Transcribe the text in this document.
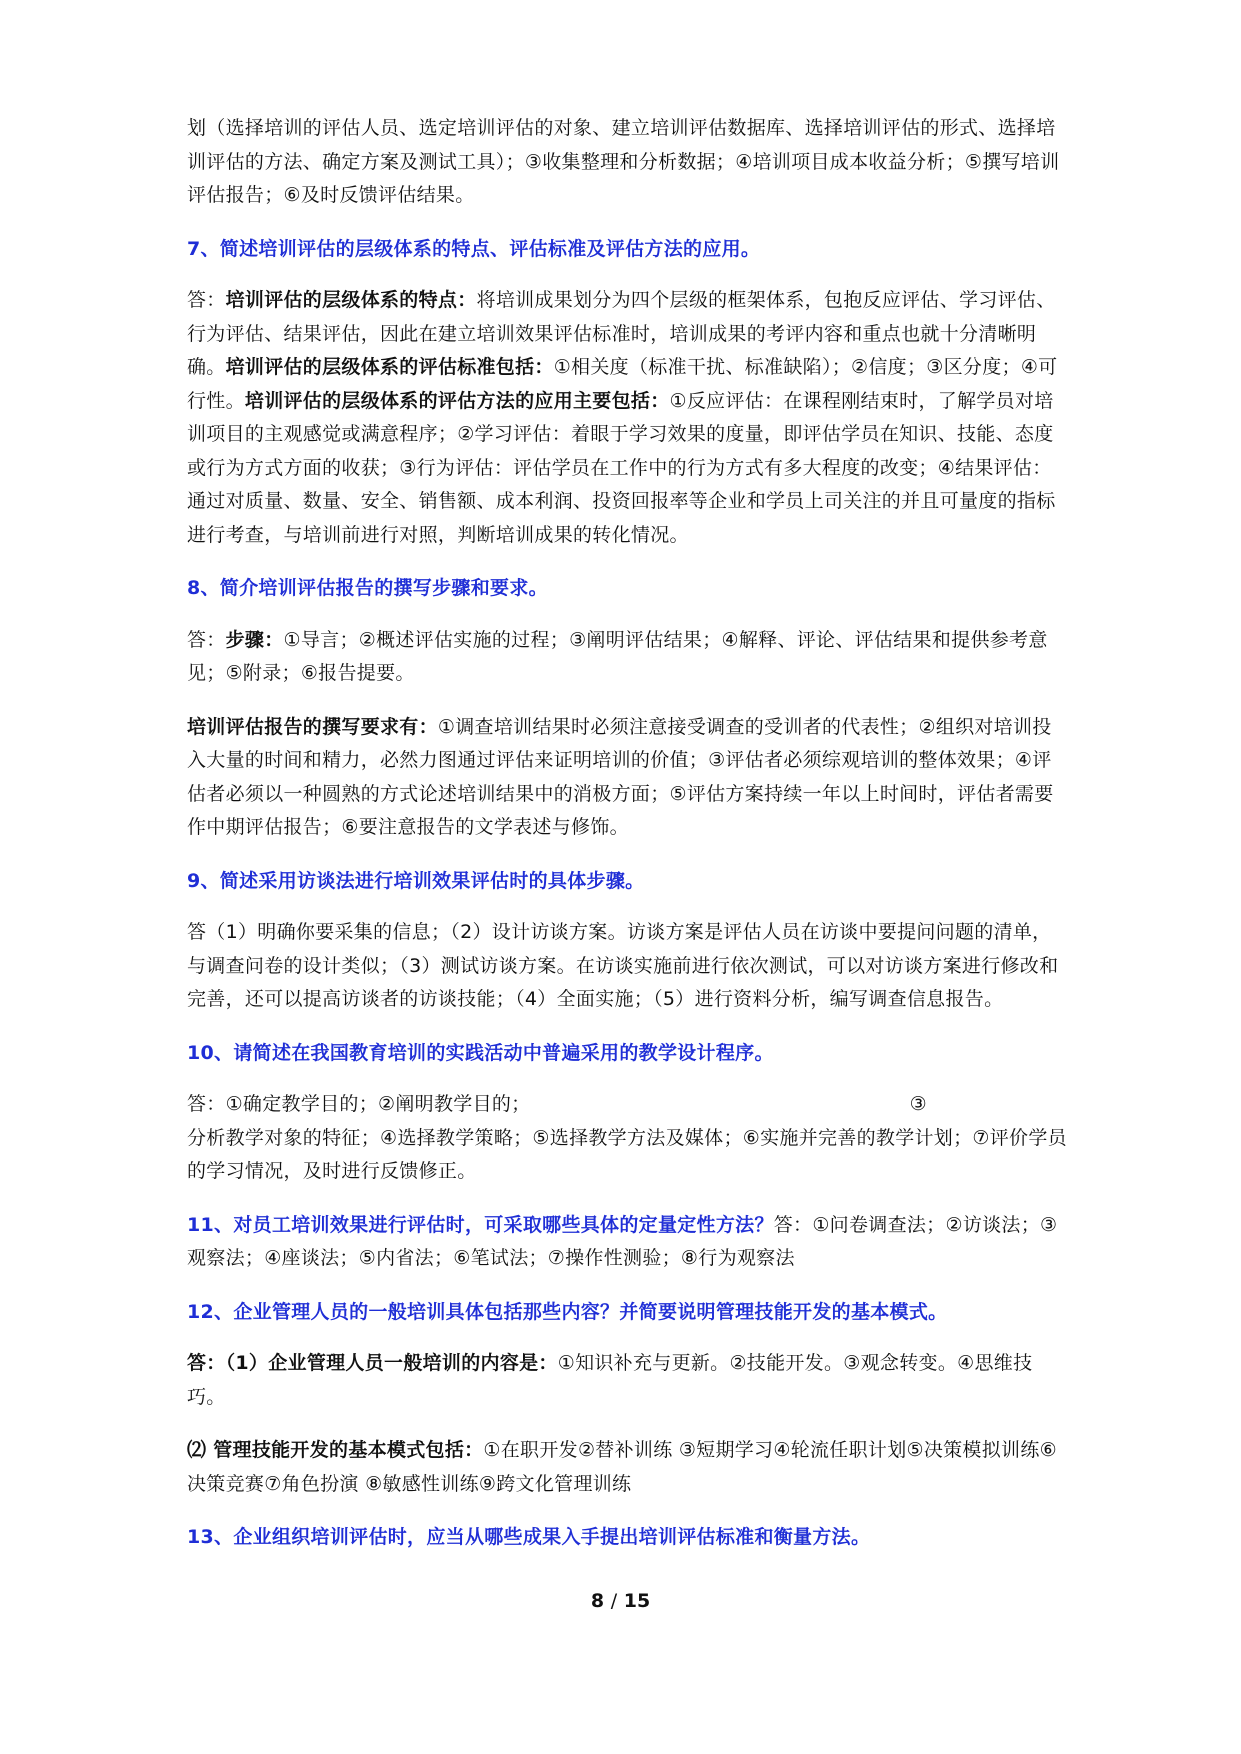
划（选择培训的评估人员、选定培训评估的对象、建立培训评估数据库、选择培训评估的形式、选择培训评估的方法、确定方案及测试工具）；③收集整理和分析数据；④培训项目成本收益分析；⑤撰写培训评估报告；⑥及时反馈评估结果。

7、简述培训评估的层级体系的特点、评估标准及评估方法的应用。

答：培训评估的层级体系的特点：将培训成果划分为四个层级的框架体系，包抱反应评估、学习评估、行为评估、结果评估，因此在建立培训效果评估标准时，培训成果的考评内容和重点也就十分清晰明确。培训评估的层级体系的评估标准包括：①相关度（标准干扰、标准缺陷）；②信度；③区分度；④可行性。培训评估的层级体系的评估方法的应用主要包括：①反应评估：在课程刚结束时，了解学员对培训项目的主观感觉或满意程序；②学习评估：着眼于学习效果的度量，即评估学员在知识、技能、态度或行为方式方面的收获；③行为评估：评估学员在工作中的行为方式有多大程度的改变；④结果评估：通过对质量、数量、安全、销售额、成本利润、投资回报率等企业和学员上司关注的并且可量度的指标进行考查，与培训前进行对照，判断培训成果的转化情况。

8、简介培训评估报告的撰写步骤和要求。

答：步骤：①导言；②概述评估实施的过程；③阐明评估结果；④解释、评论、评估结果和提供参考意见；⑤附录；⑥报告提要。

培训评估报告的撰写要求有：①调查培训结果时必须注意接受调查的受训者的代表性；②组织对培训投入大量的时间和精力，必然力图通过评估来证明培训的价值；③评估者必须综观培训的整体效果；④评估者必须以一种圆熟的方式论述培训结果中的消极方面；⑤评估方案持续一年以上时间时，评估者需要作中期评估报告；⑥要注意报告的文学表述与修饰。

9、简述采用访谈法进行培训效果评估时的具体步骤。

答（1）明确你要采集的信息；（2）设计访谈方案。访谈方案是评估人员在访谈中要提问问题的清单，与调查问卷的设计类似；（3）测试访谈方案。在访谈实施前进行依次测试，可以对访谈方案进行修改和完善，还可以提高访谈者的访谈技能；（4）全面实施；（5）进行资料分析，编写调查信息报告。

10、请简述在我国教育培训的实践活动中普遍采用的教学设计程序。

答：①确定教学目的；②阐明教学目的；	③
分析教学对象的特征；④选择教学策略；⑤选择教学方法及媒体；⑥实施并完善的教学计划；⑦评价学员的学习情况，及时进行反馈修正。

11、对员工培训效果进行评估时，可采取哪些具体的定量定性方法？答：①问卷调查法；②访谈法；③观察法；④座谈法；⑤内省法；⑥笔试法；⑦操作性测验；⑧行为观察法

12、企业管理人员的一般培训具体包括那些内容？并简要说明管理技能开发的基本模式。

答：（1）企业管理人员一般培训的内容是：①知识补充与更新。②技能开发。③观念转变。④思维技巧。

⑵ 管理技能开发的基本模式包括：①在职开发②替补训练 ③短期学习④轮流任职计划⑤决策模拟训练⑥决策竞赛⑦角色扮演 ⑧敏感性训练⑨跨文化管理训练

13、企业组织培训评估时，应当从哪些成果入手提出培训评估标准和衡量方法。

8 / 15
